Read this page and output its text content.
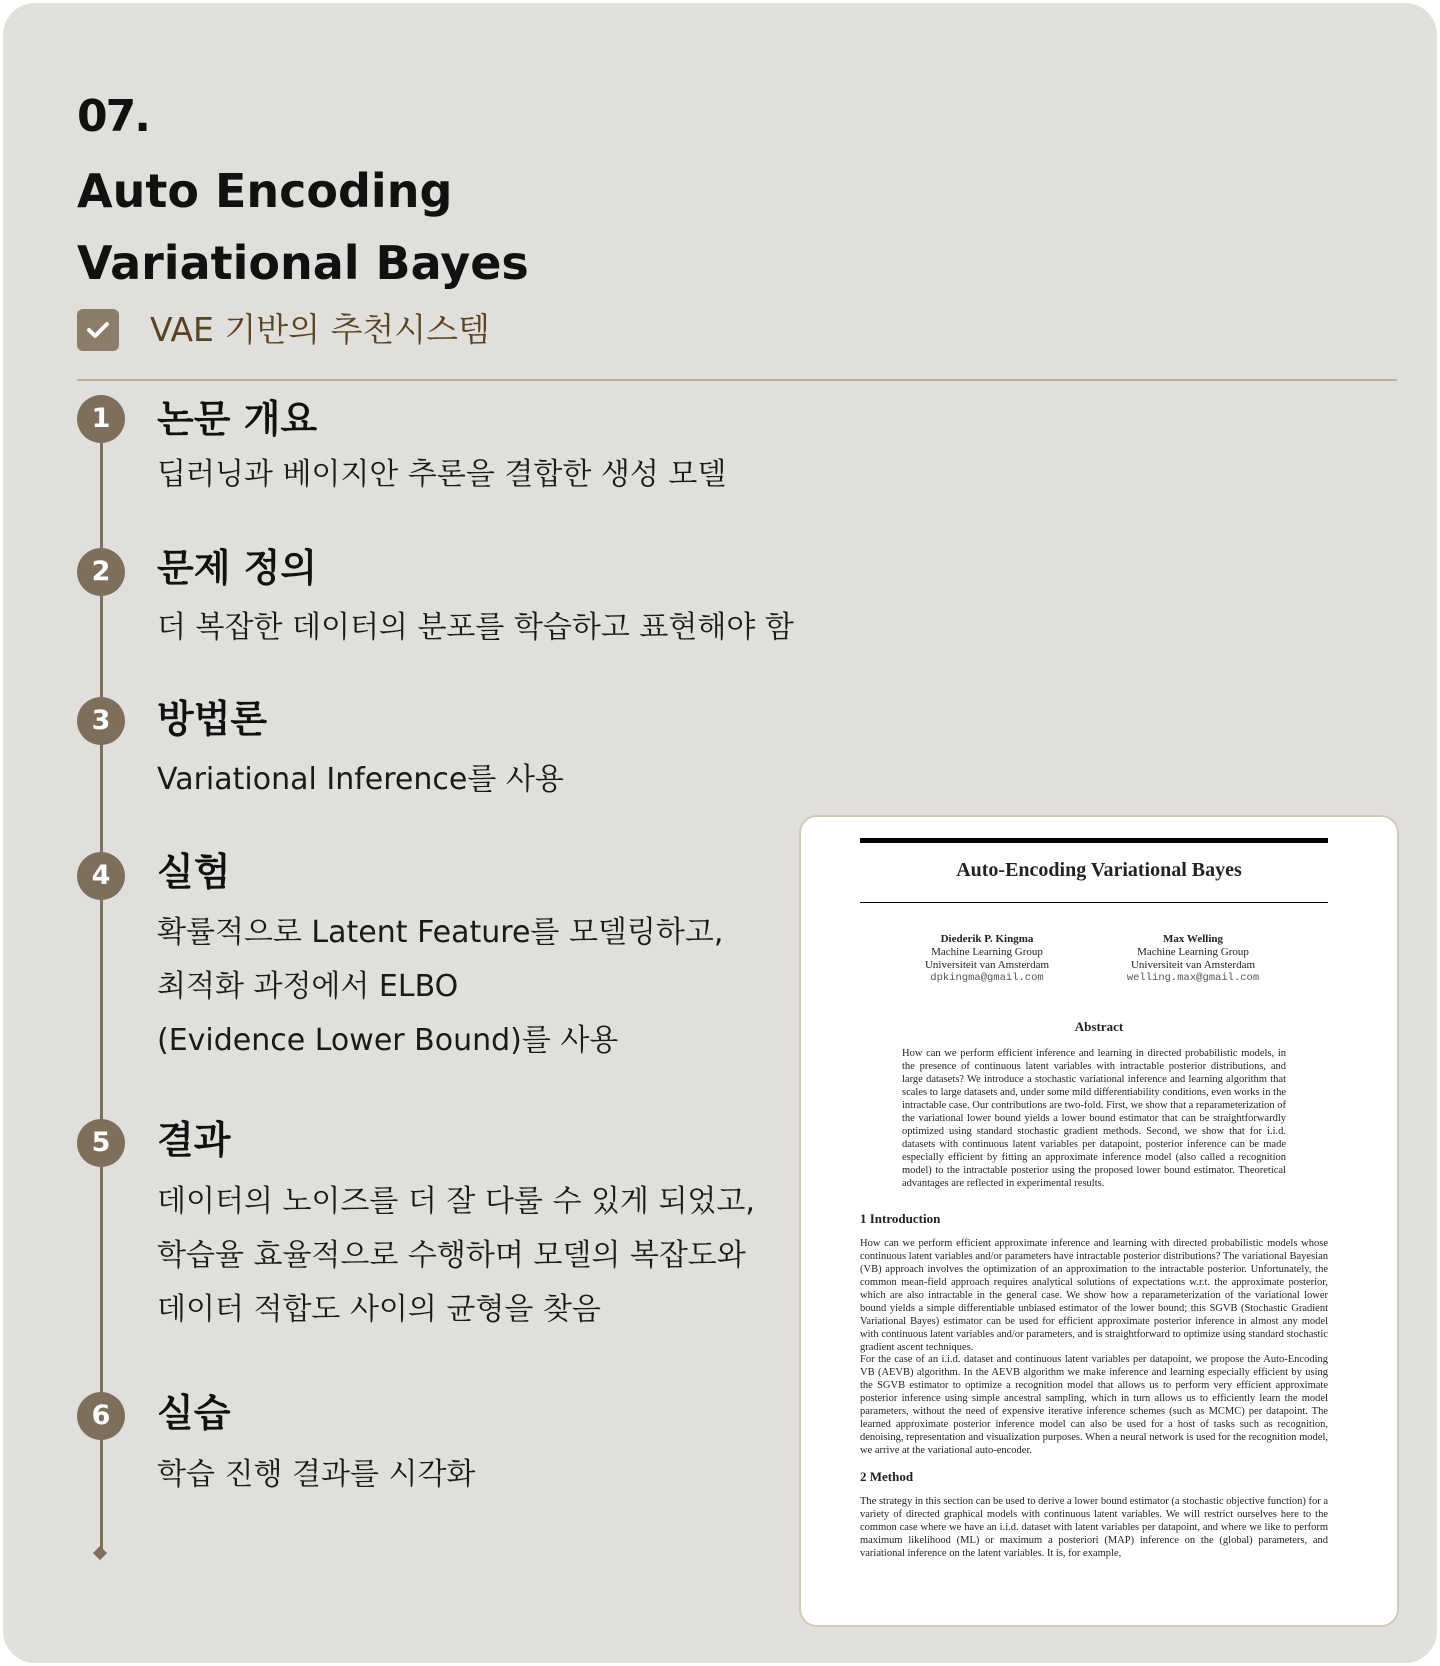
07.
Auto Encoding
Variational Bayes
VAE 기반의 추천시스템
1	논문 개요
딥러닝과 베이지안 추론을 결합한 생성 모델
2	문제 정의
더 복잡한 데이터의 분포를 학습하고 표현해야 함
3	방법론
Variational Inference를 사용
4	실험
확률적으로 Latent Feature를 모델링하고,
최적화 과정에서 ELBO
(Evidence Lower Bound)를 사용
5	결과
데이터의 노이즈를 더 잘 다룰 수 있게 되었고,
학습율 효율적으로 수행하며 모델의 복잡도와
데이터 적합도 사이의 균형을 찾음
6	실습
학습 진행 결과를 시각화
Auto-Encoding Variational Bayes
Diederik P. Kingma
Machine Learning Group
Universiteit van Amsterdam
dpkingma@gmail.com
Max Welling
Machine Learning Group
Universiteit van Amsterdam
welling.max@gmail.com
Abstract

How can we perform efficient inference and learning in directed probabilistic models, in the presence of continuous latent variables with intractable posterior distributions, and large datasets? We introduce a stochastic variational inference and learning algorithm that scales to large datasets and, under some mild differentiability conditions, even works in the intractable case. Our contributions are two-fold. First, we show that a reparameterization of the variational lower bound yields a lower bound estimator that can be straightforwardly optimized using standard stochastic gradient methods. Second, we show that for i.i.d. datasets with continuous latent variables per datapoint, posterior inference can be made especially efficient by fitting an approximate inference model (also called a recognition model) to the intractable posterior using the proposed lower bound estimator. Theoretical advantages are reflected in experimental results.

1 Introduction

How can we perform efficient approximate inference and learning with directed probabilistic models whose continuous latent variables and/or parameters have intractable posterior distributions? The variational Bayesian (VB) approach involves the optimization of an approximation to the intractable posterior. Unfortunately, the common mean-field approach requires analytical solutions of expectations w.r.t. the approximate posterior, which are also intractable in the general case. We show how a reparameterization of the variational lower bound yields a simple differentiable unbiased estimator of the lower bound; this SGVB (Stochastic Gradient Variational Bayes) estimator can be used for efficient approximate posterior inference in almost any model with continuous latent variables and/or parameters, and is straightforward to optimize using standard stochastic gradient ascent techniques.

For the case of an i.i.d. dataset and continuous latent variables per datapoint, we propose the Auto-Encoding VB (AEVB) algorithm. In the AEVB algorithm we make inference and learning especially efficient by using the SGVB estimator to optimize a recognition model that allows us to perform very efficient approximate posterior inference using simple ancestral sampling, which in turn allows us to efficiently learn the model parameters, without the need of expensive iterative inference schemes (such as MCMC) per datapoint. The learned approximate posterior inference model can also be used for a host of tasks such as recognition, denoising, representation and visualization purposes. When a neural network is used for the recognition model, we arrive at the variational auto-encoder.

2 Method

The strategy in this section can be used to derive a lower bound estimator (a stochastic objective function) for a variety of directed graphical models with continuous latent variables. We will restrict ourselves here to the common case where we have an i.i.d. dataset with latent variables per datapoint, and where we like to perform maximum likelihood (ML) or maximum a posteriori (MAP) inference on the (global) parameters, and variational inference on the latent variables. It is, for example,
